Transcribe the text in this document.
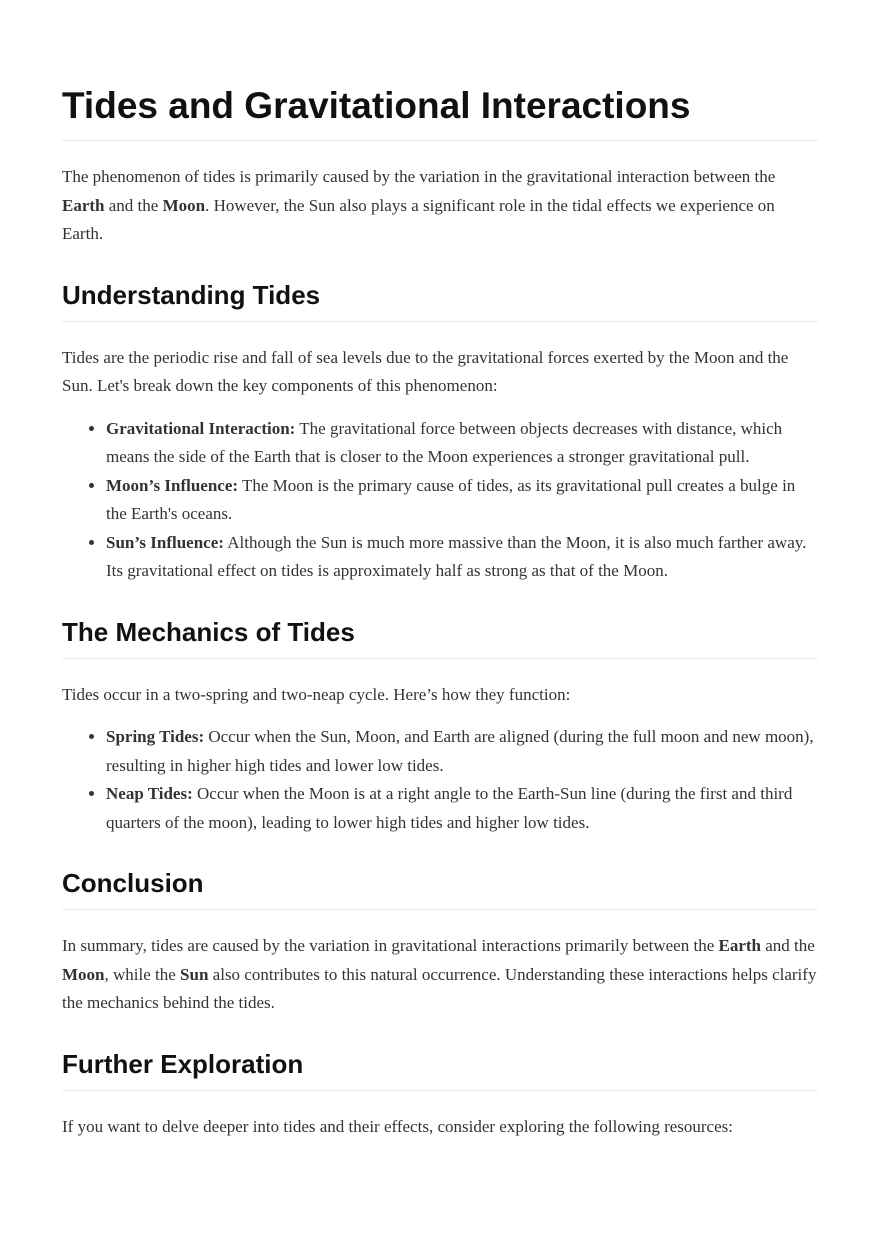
Tides and Gravitational Interactions

The phenomenon of tides is primarily caused by the variation in the gravitational interaction between the Earth and the Moon. However, the Sun also plays a significant role in the tidal effects we experience on Earth.

Understanding Tides

Tides are the periodic rise and fall of sea levels due to the gravitational forces exerted by the Moon and the Sun. Let's break down the key components of this phenomenon:

• Gravitational Interaction: The gravitational force between objects decreases with distance, which means the side of the Earth that is closer to the Moon experiences a stronger gravitational pull.
• Moon’s Influence: The Moon is the primary cause of tides, as its gravitational pull creates a bulge in the Earth's oceans.
• Sun’s Influence: Although the Sun is much more massive than the Moon, it is also much farther away. Its gravitational effect on tides is approximately half as strong as that of the Moon.
The Mechanics of Tides

Tides occur in a two-spring and two-neap cycle. Here’s how they function:

• Spring Tides: Occur when the Sun, Moon, and Earth are aligned (during the full moon and new moon), resulting in higher high tides and lower low tides.
• Neap Tides: Occur when the Moon is at a right angle to the Earth-Sun line (during the first and third quarters of the moon), leading to lower high tides and higher low tides.
Conclusion

In summary, tides are caused by the variation in gravitational interactions primarily between the Earth and the Moon, while the Sun also contributes to this natural occurrence. Understanding these interactions helps clarify the mechanics behind the tides.

Further Exploration

If you want to delve deeper into tides and their effects, consider exploring the following resources:
